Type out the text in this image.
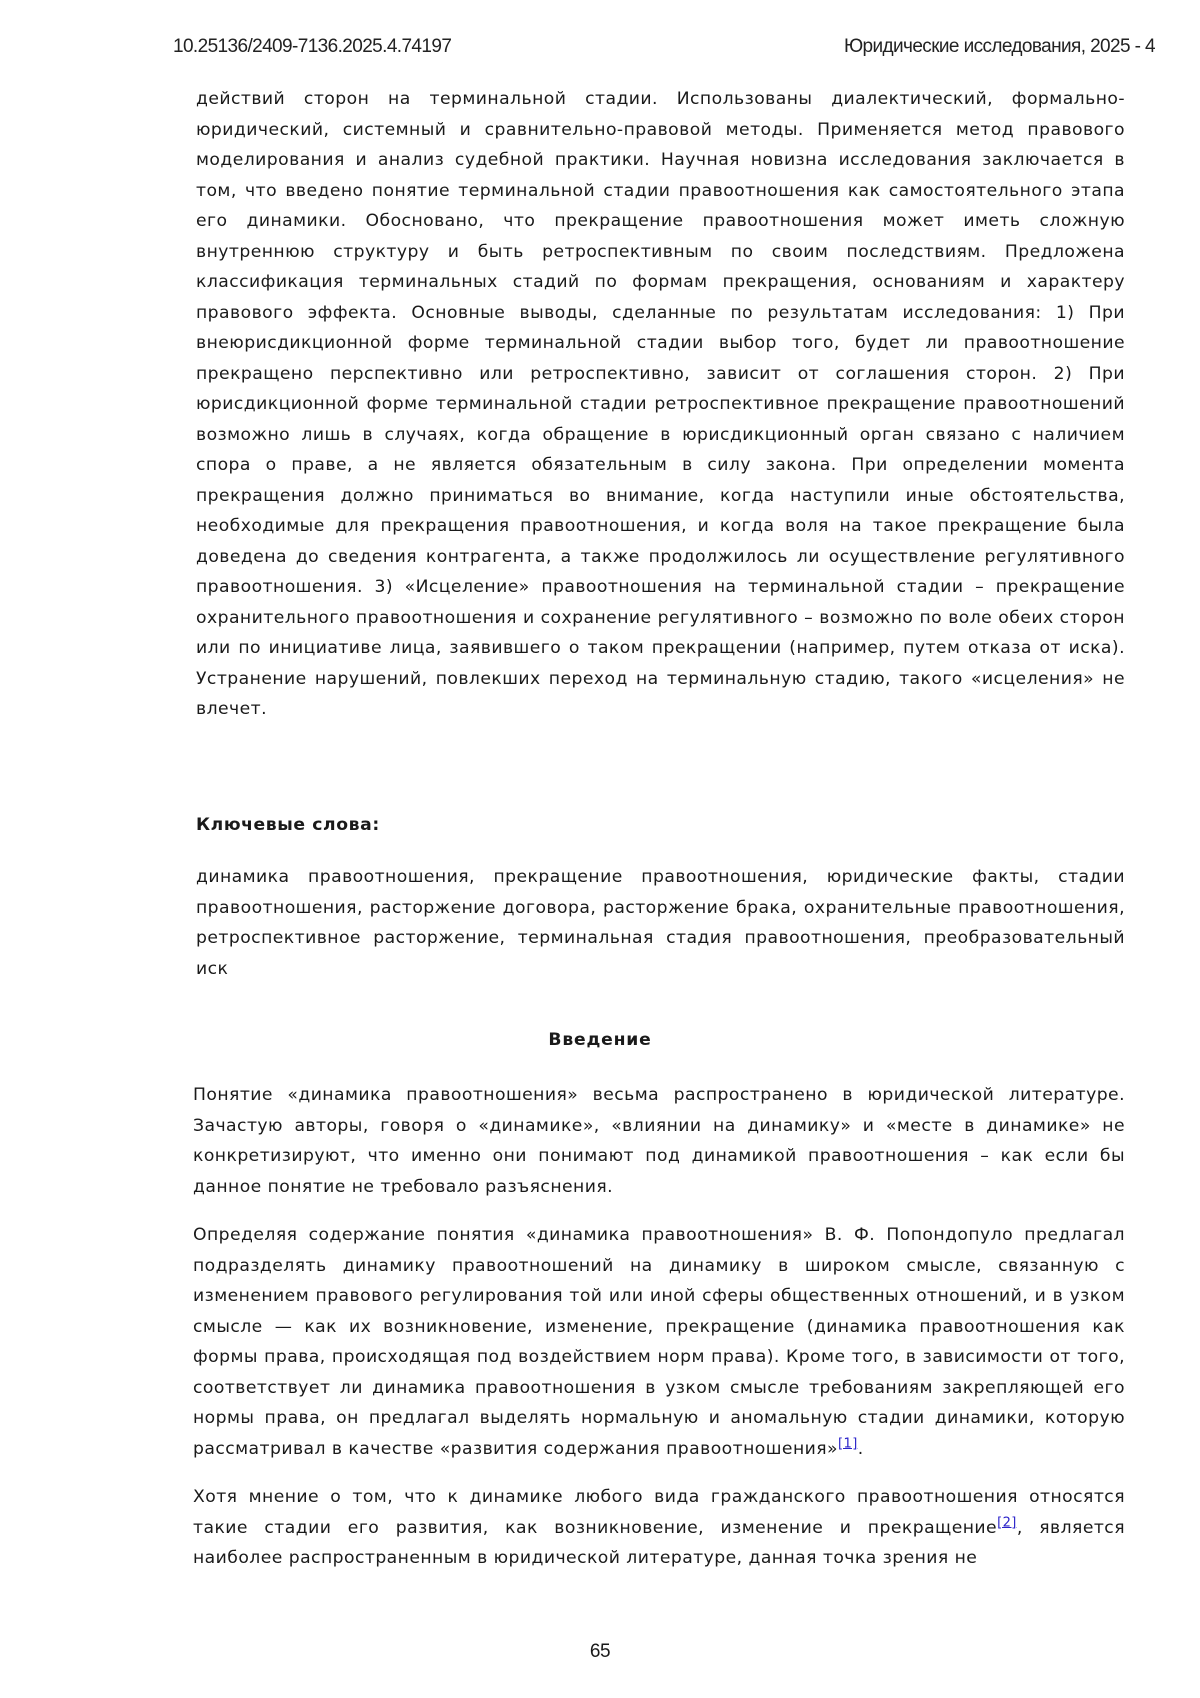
10.25136/2409-7136.2025.4.74197	Юридические исследования, 2025 - 4

действий сторон на терминальной стадии. Использованы диалектический, формально-юридический, системный и сравнительно-правовой методы. Применяется метод правового моделирования и анализ судебной практики. Научная новизна исследования заключается в том, что введено понятие терминальной стадии правоотношения как самостоятельного этапа его динамики. Обосновано, что прекращение правоотношения может иметь сложную внутреннюю структуру и быть ретроспективным по своим последствиям. Предложена классификация терминальных стадий по формам прекращения, основаниям и характеру правового эффекта. Основные выводы, сделанные по результатам исследования: 1) При внеюрисдикционной форме терминальной стадии выбор того, будет ли правоотношение прекращено перспективно или ретроспективно, зависит от соглашения сторон. 2) При юрисдикционной форме терминальной стадии ретроспективное прекращение правоотношений возможно лишь в случаях, когда обращение в юрисдикционный орган связано с наличием спора о праве, а не является обязательным в силу закона. При определении момента прекращения должно приниматься во внимание, когда наступили иные обстоятельства, необходимые для прекращения правоотношения, и когда воля на такое прекращение была доведена до сведения контрагента, а также продолжилось ли осуществление регулятивного правоотношения. 3) «Исцеление» правоотношения на терминальной стадии – прекращение охранительного правоотношения и сохранение регулятивного – возможно по воле обеих сторон или по инициативе лица, заявившего о таком прекращении (например, путем отказа от иска). Устранение нарушений, повлекших переход на терминальную стадию, такого «исцеления» не влечет.

Ключевые слова:

динамика правоотношения, прекращение правоотношения, юридические факты, стадии правоотношения, расторжение договора, расторжение брака, охранительные правоотношения, ретроспективное расторжение, терминальная стадия правоотношения, преобразовательный иск

Введение

Понятие «динамика правоотношения» весьма распространено в юридической литературе. Зачастую авторы, говоря о «динамике», «влиянии на динамику» и «месте в динамике» не конкретизируют, что именно они понимают под динамикой правоотношения – как если бы данное понятие не требовало разъяснения.

Определяя содержание понятия «динамика правоотношения» В. Ф. Попондопуло предлагал подразделять динамику правоотношений на динамику в широком смысле, связанную с изменением правового регулирования той или иной сферы общественных отношений, и в узком смысле — как их возникновение, изменение, прекращение (динамика правоотношения как формы права, происходящая под воздействием норм права). Кроме того, в зависимости от того, соответствует ли динамика правоотношения в узком смысле требованиям закрепляющей его нормы права, он предлагал выделять нормальную и аномальную стадии динамики, которую рассматривал в качестве «развития содержания правоотношения»[1].

Хотя мнение о том, что к динамике любого вида гражданского правоотношения относятся такие стадии его развития, как возникновение, изменение и прекращение[2], является наиболее распространенным в юридической литературе, данная точка зрения не

65
